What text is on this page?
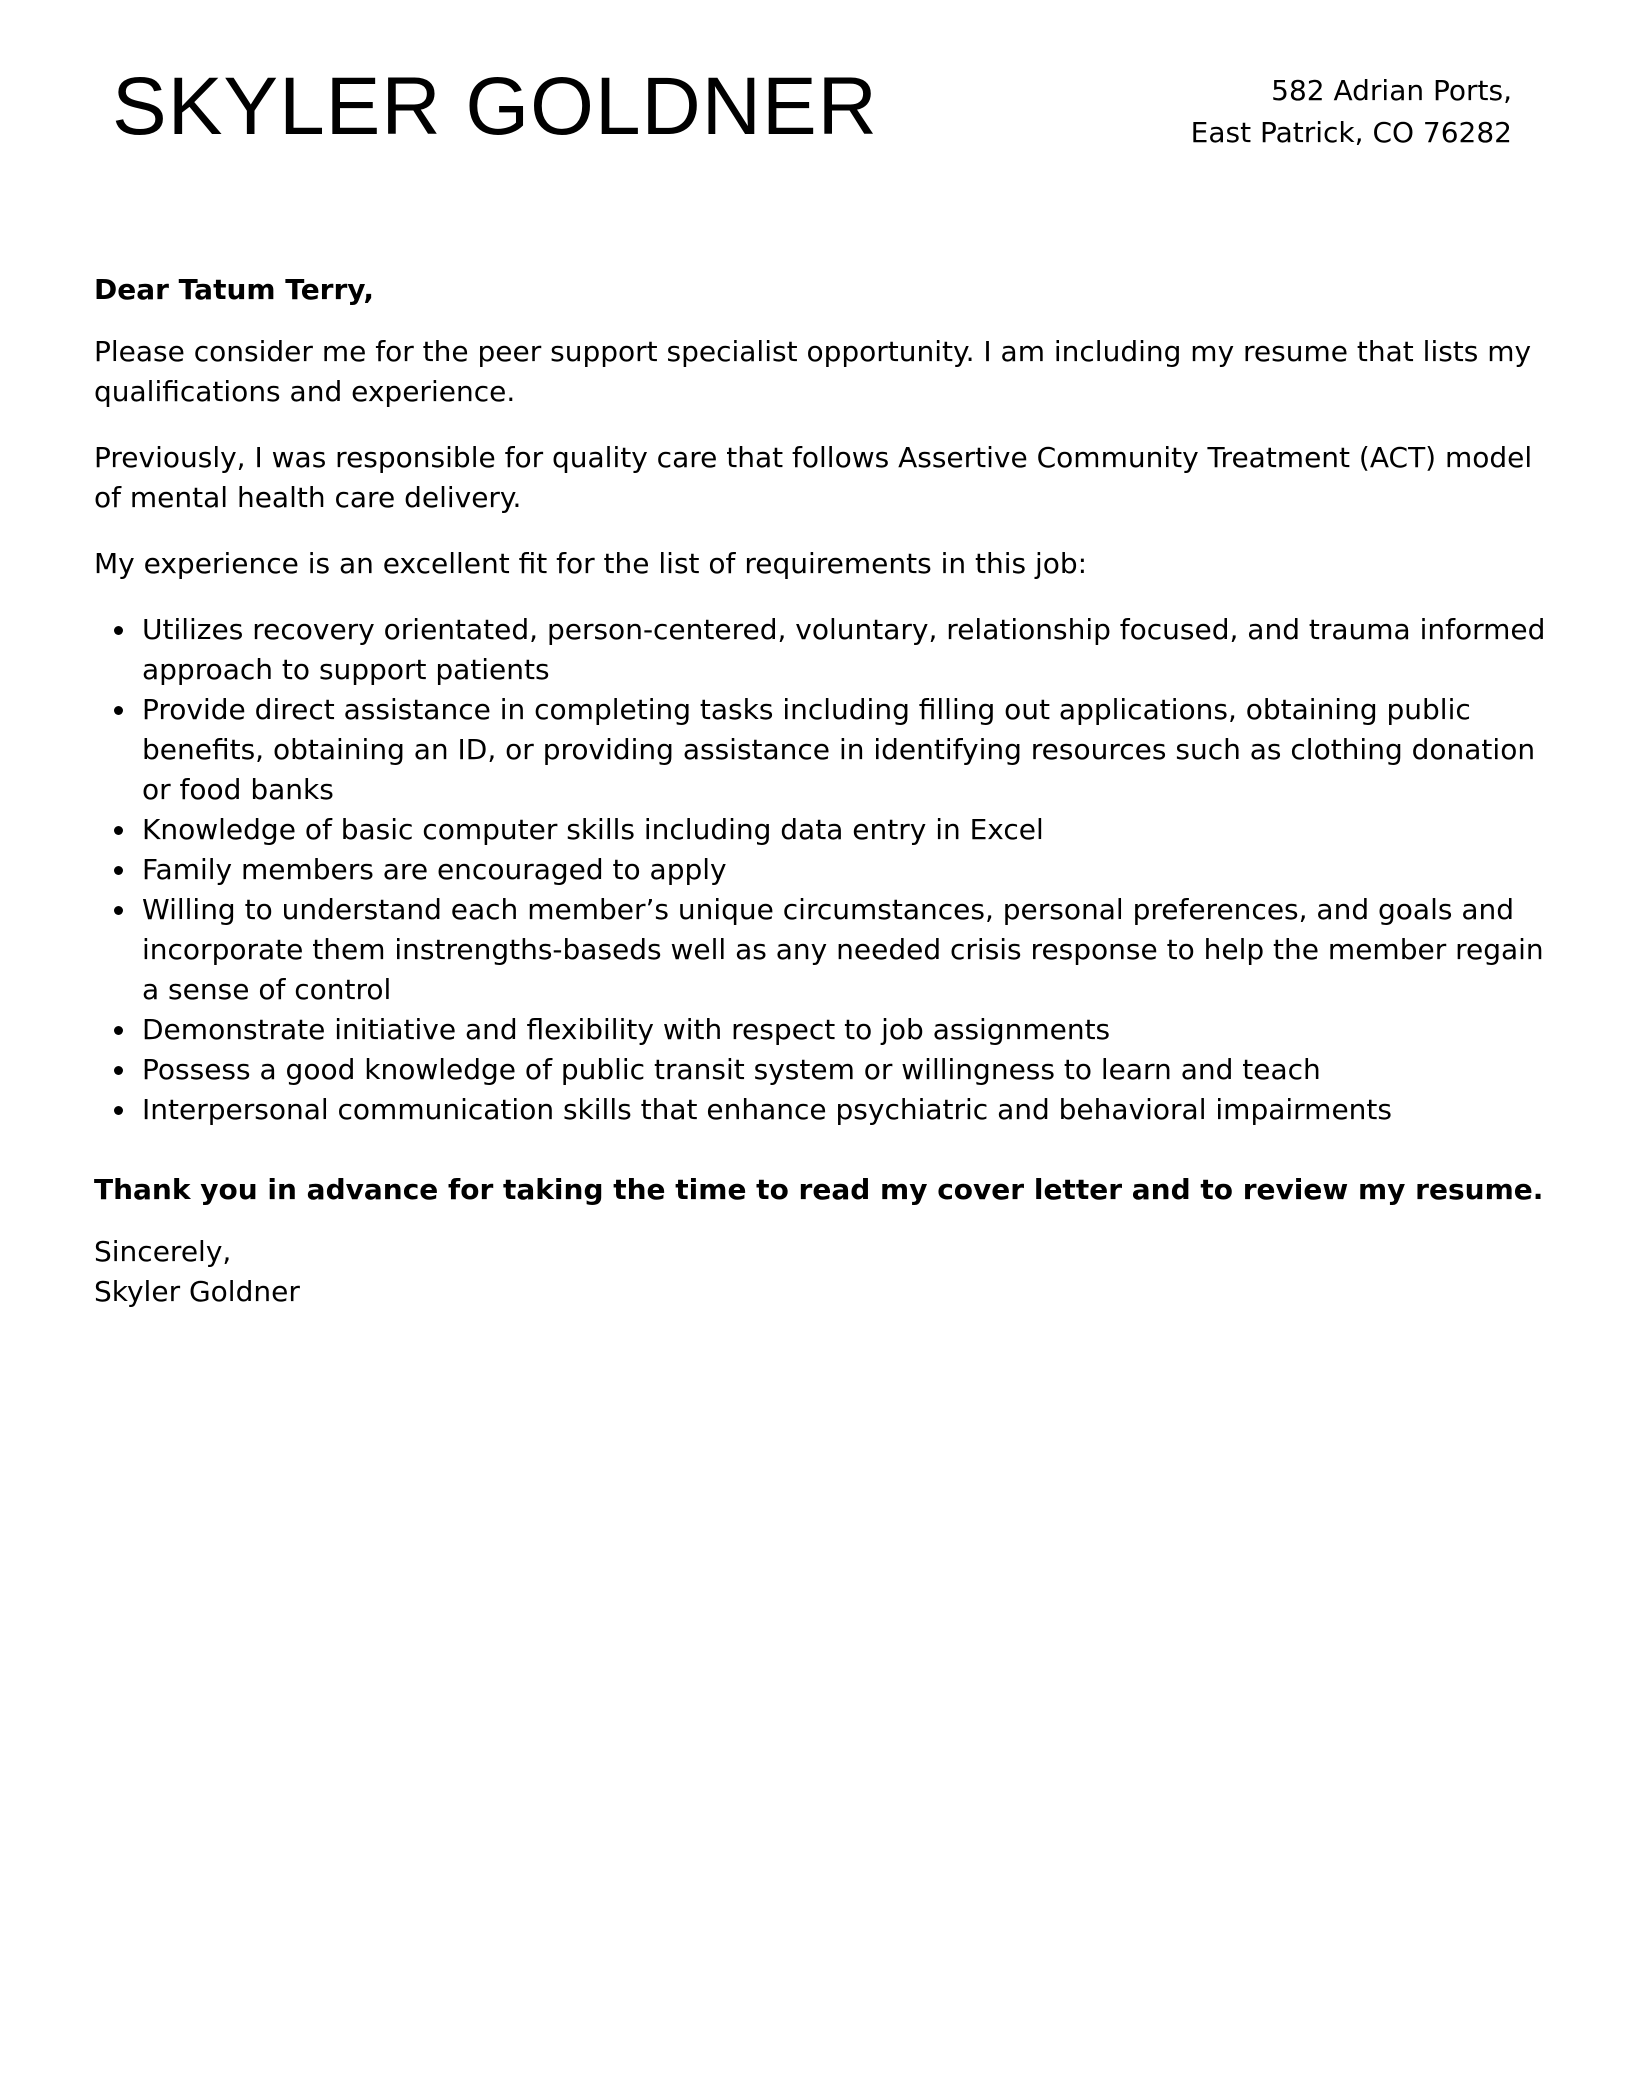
SKYLER GOLDNER	582 Adrian Ports,
East Patrick, CO 76282

Dear Tatum Terry,

Please consider me for the peer support specialist opportunity. I am including my resume that lists my qualifications and experience.

Previously, I was responsible for quality care that follows Assertive Community Treatment (ACT) model of mental health care delivery.

My experience is an excellent fit for the list of requirements in this job:

Utilizes recovery orientated, person-centered, voluntary, relationship focused, and trauma informed approach to support patients
Provide direct assistance in completing tasks including filling out applications, obtaining public benefits, obtaining an ID, or providing assistance in identifying resources such as clothing donation or food banks
Knowledge of basic computer skills including data entry in Excel
Family members are encouraged to apply
Willing to understand each member’s unique circumstances, personal preferences, and goals and incorporate them instrengths-baseds well as any needed crisis response to help the member regain a sense of control
Demonstrate initiative and flexibility with respect to job assignments
Possess a good knowledge of public transit system or willingness to learn and teach
Interpersonal communication skills that enhance psychiatric and behavioral impairments

Thank you in advance for taking the time to read my cover letter and to review my resume.

Sincerely,
Skyler Goldner
